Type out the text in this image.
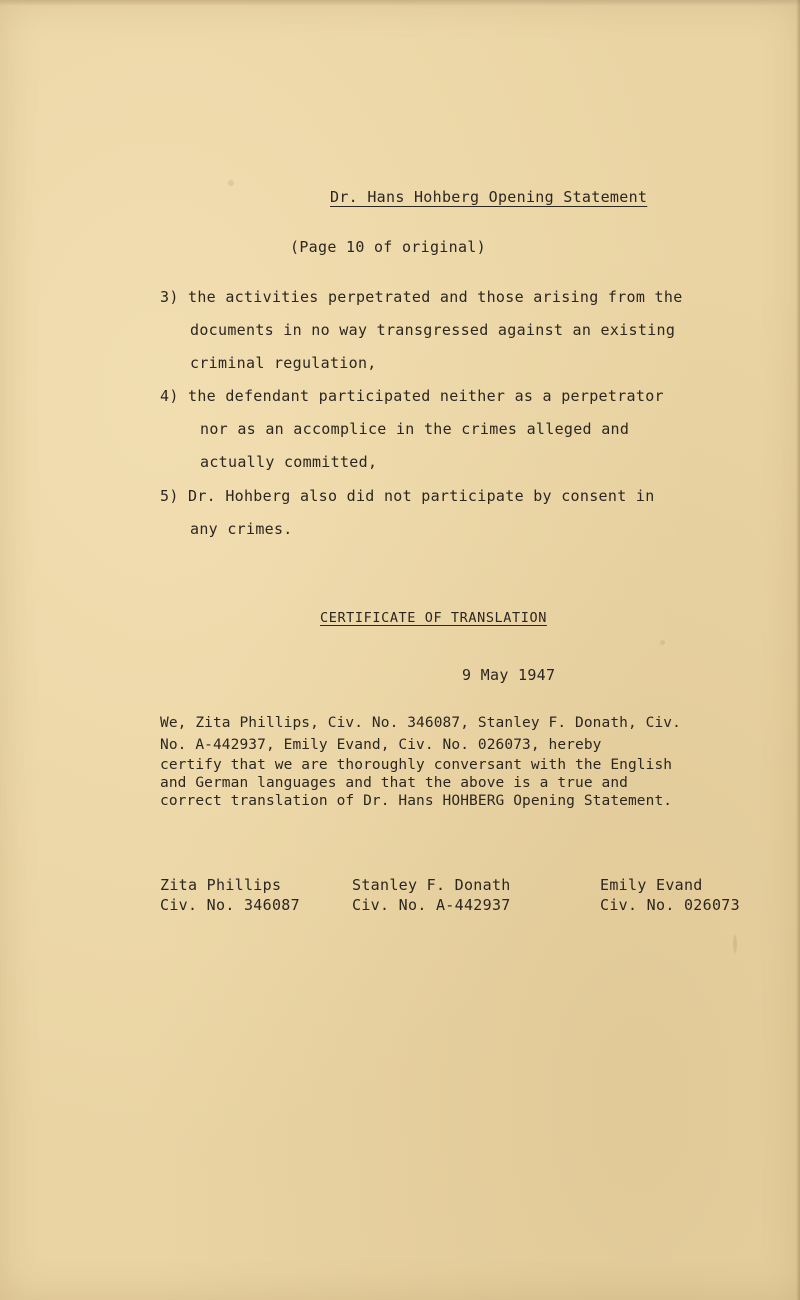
Dr. Hans Hohberg Opening Statement
(Page 10 of original)
3) the activities perpetrated and those arising from the
documents in no way transgressed against an existing
criminal regulation,
4) the defendant participated neither as a perpetrator
nor as an accomplice in the crimes alleged and
actually committed,
5) Dr. Hohberg also did not participate by consent in
any crimes.
CERTIFICATE OF TRANSLATION
9 May 1947
We, Zita Phillips, Civ. No. 346087, Stanley F. Donath, Civ.
No. A-442937, Emily Evand, Civ. No. 026073, hereby
certify that we are thoroughly conversant with the English
and German languages and that the above is a true and
correct translation of Dr. Hans HOHBERG Opening Statement.
Zita Phillips
Civ. No. 346087
Stanley F. Donath
Civ. No. A-442937
Emily Evand
Civ. No. 026073
